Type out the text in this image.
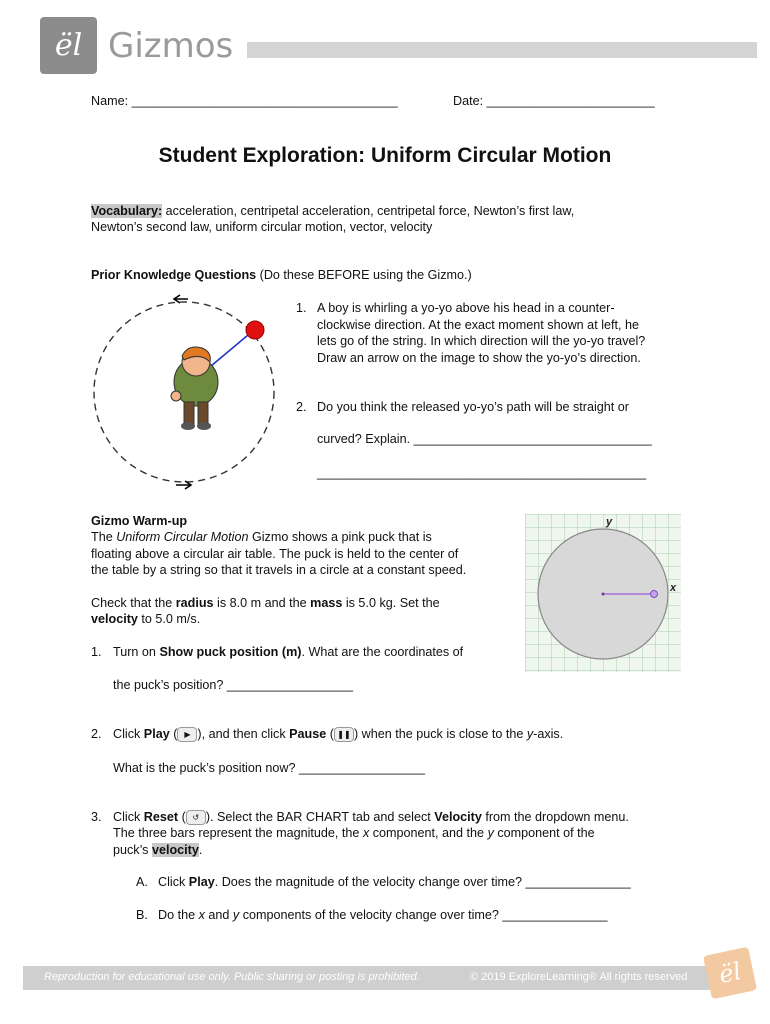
ël Gizmos
Name: ______________________________________	Date: ________________________
Student Exploration: Uniform Circular Motion
Vocabulary: acceleration, centripetal acceleration, centripetal force, Newton’s first law,
Newton’s second law, uniform circular motion, vector, velocity
Prior Knowledge Questions (Do these BEFORE using the Gizmo.)
1. A boy is whirling a yo-yo above his head in a counter-
clockwise direction. At the exact moment shown at left, he
lets go of the string. In which direction will the yo-yo travel?
Draw an arrow on the image to show the yo-yo’s direction.
2. Do you think the released yo-yo’s path will be straight or
curved? Explain. __________________________________
_______________________________________________
Gizmo Warm-up
The Uniform Circular Motion Gizmo shows a pink puck that is
floating above a circular air table. The puck is held to the center of
the table by a string so that it travels in a circle at a constant speed.
Check that the radius is 8.0 m and the mass is 5.0 kg. Set the
velocity to 5.0 m/s.
y
x
1. Turn on Show puck position (m). What are the coordinates of
the puck’s position? __________________
2. Click Play ( ▶ ), and then click Pause ( ❚❚ ) when the puck is close to the y-axis.
What is the puck’s position now? __________________
3. Click Reset ( ↺ ). Select the BAR CHART tab and select Velocity from the dropdown menu.
The three bars represent the magnitude, the x component, and the y component of the
puck’s velocity.
A. Click Play. Does the magnitude of the velocity change over time? _______________
B. Do the x and y components of the velocity change over time? _______________
Reproduction for educational use only. Public sharing or posting is prohibited.	© 2019 ExploreLearning® All rights reserved ël
